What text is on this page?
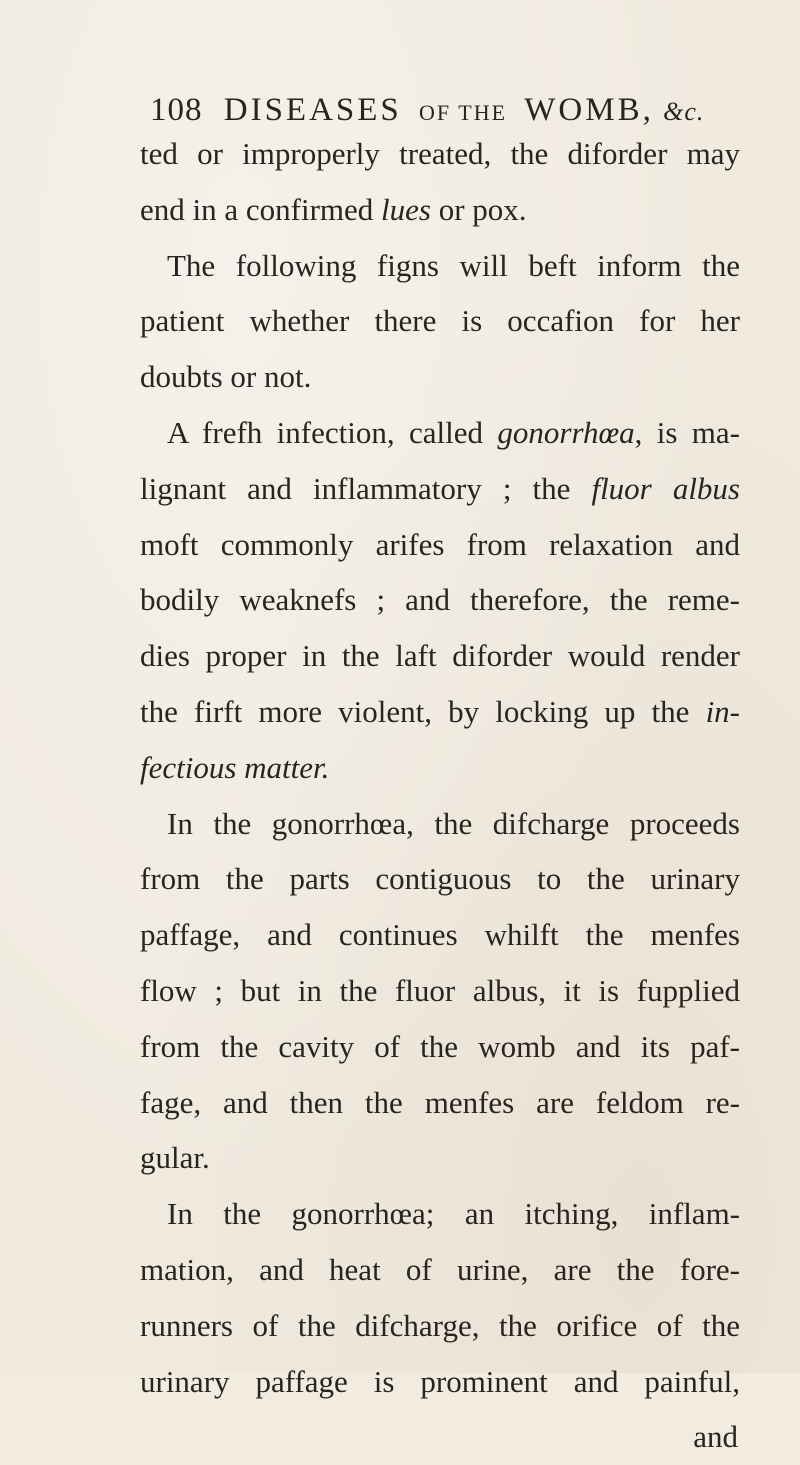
108 DISEASES OF THE WOMB, &c.
ted or improperly treated, the diforder may
end in a confirmed lues or pox.
The following figns will beft inform the
patient whether there is occafion for her
doubts or not.
A frefh infection, called gonorrhœa, is ma-
lignant and inflammatory ; the fluor albus
moft commonly arifes from relaxation and
bodily weaknefs ; and therefore, the reme-
dies proper in the laft diforder would render
the firft more violent, by locking up the in-
fectious matter.
In the gonorrhœa, the difcharge proceeds
from the parts contiguous to the urinary
paffage, and continues whilft the menfes
flow ; but in the fluor albus, it is fupplied
from the cavity of the womb and its paf-
fage, and then the menfes are feldom re-
gular.
In the gonorrhœa; an itching, inflam-
mation, and heat of urine, are the fore-
runners of the difcharge, the orifice of the
urinary paffage is prominent and painful,
and
